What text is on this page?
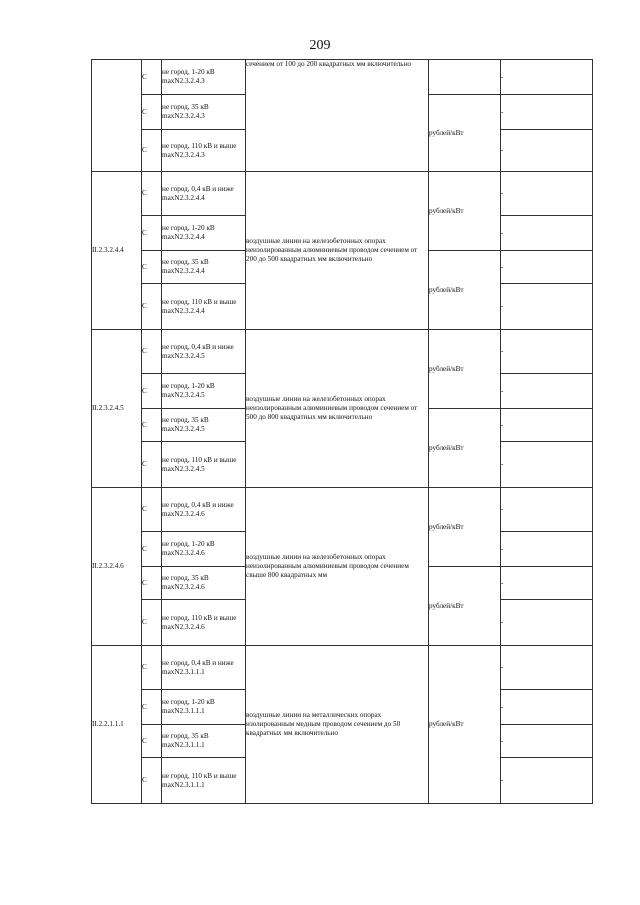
209
	С	не город, 1-20 кВ maxN2.3.2.4.3	сечением от 100 до 200 квадратных мм включительно		-
	С	не город, 35 кВ maxN2.3.2.4.3		рублей/кВт	-
	С	не город, 110 кВ и выше maxN2.3.2.4.3			-
II.2.3.2.4.4	С	не город, 0,4 кВ и ниже maxN2.3.2.4.4	воздушные линии на железобетонных опорах неизолированным алюминиевым проводом сечением от 200 до 500 квадратных мм включительно	рублей/кВт	-
	С	не город, 1-20 кВ maxN2.3.2.4.4			-
	С	не город, 35 кВ maxN2.3.2.4.4		рублей/кВт	-
	С	не город, 110 кВ и выше maxN2.3.2.4.4			-
II.2.3.2.4.5	С	не город, 0,4 кВ и ниже maxN2.3.2.4.5	воздушные линии на железобетонных опорах неизолированным алюминиевым проводом сечением от 500 до 800 квадратных мм включительно	рублей/кВт	-
	С	не город, 1-20 кВ maxN2.3.2.4.5			-
	С	не город, 35 кВ maxN2.3.2.4.5		рублей/кВт	-
	С	не город, 110 кВ и выше maxN2.3.2.4.5			-
II.2.3.2.4.6	С	не город, 0,4 кВ и ниже maxN2.3.2.4.6	воздушные линии на железобетонных опорах неизолированным алюминиевым проводом сечением свыше 800 квадратных мм	рублей/кВт	-
	С	не город, 1-20 кВ maxN2.3.2.4.6			-
	С	не город, 35 кВ maxN2.3.2.4.6		рублей/кВт	-
	С	не город, 110 кВ и выше maxN2.3.2.4.6			-
II.2.2.1.1.1	С	не город, 0,4 кВ и ниже maxN2.3.1.1.1	воздушные линии на металлических опорах изолированным медным проводом сечением до 50 квадратных мм включительно	рублей/кВт	-
	С	не город, 1-20 кВ maxN2.3.1.1.1			-
	С	не город, 35 кВ maxN2.3.1.1.1			-
	С	не город, 110 кВ и выше maxN2.3.1.1.1			-
